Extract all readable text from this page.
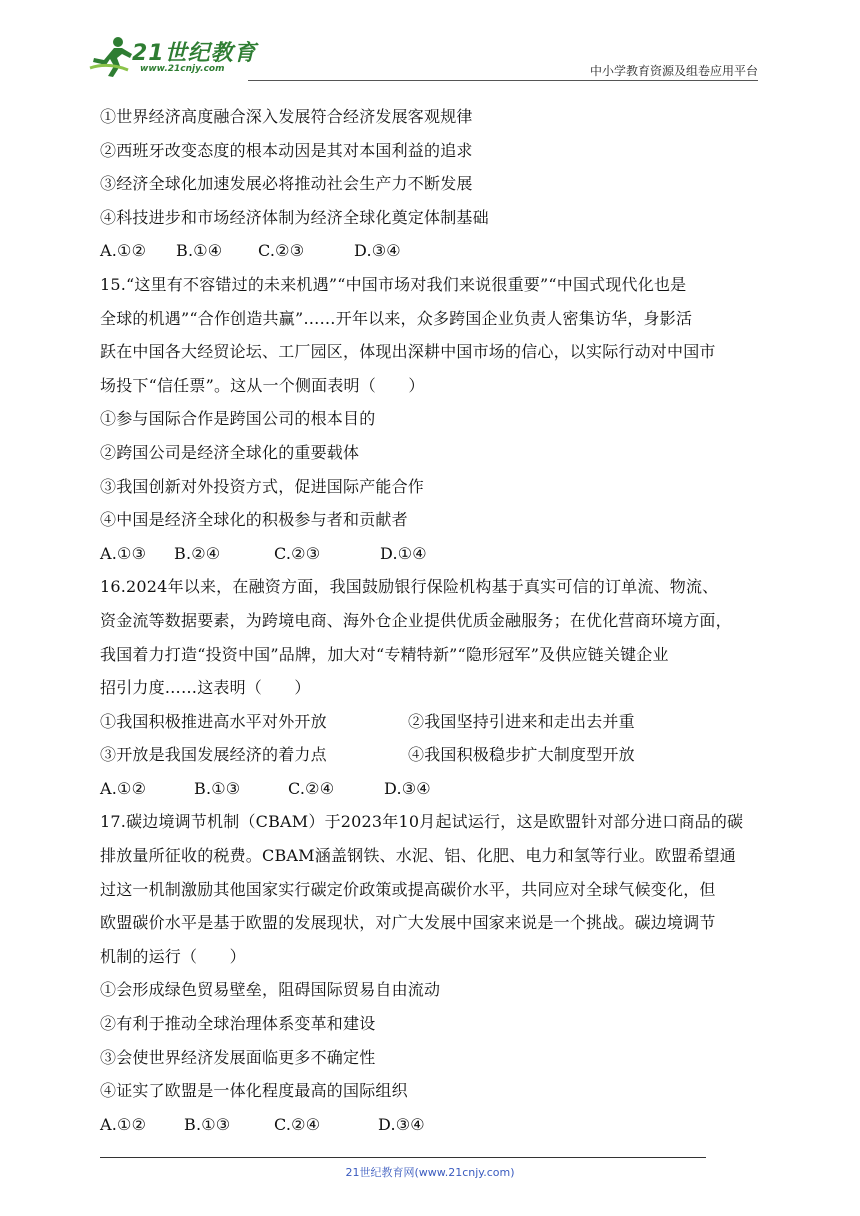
21世纪教育
www.21cnjy.com	中小学教育资源及组卷应用平台
①世界经济高度融合深入发展符合经济发展客观规律
②西班牙改变态度的根本动因是其对本国利益的追求
③经济全球化加速发展必将推动社会生产力不断发展
④科技进步和市场经济体制为经济全球化奠定体制基础
A.①② B.①④ C.②③	D.③④
15.“这里有不容错过的未来机遇”“中国市场对我们来说很重要”“中国式现代化也是
全球的机遇”“合作创造共赢”……开年以来，众多跨国企业负责人密集访华，身影活
跃在中国各大经贸论坛、工厂园区，体现出深耕中国市场的信心，以实际行动对中国市
场投下“信任票”。这从一个侧面表明（　　）
①参与国际合作是跨国公司的根本目的
②跨国公司是经济全球化的重要载体
③我国创新对外投资方式，促进国际产能合作
④中国是经济全球化的积极参与者和贡献者
A.①③ B.②④	C.②③	D.①④
16.2024年以来，在融资方面，我国鼓励银行保险机构基于真实可信的订单流、物流、
资金流等数据要素，为跨境电商、海外仓企业提供优质金融服务；在优化营商环境方面，
我国着力打造“投资中国”品牌，加大对“专精特新”“隐形冠军”及供应链关键企业
招引力度……这表明（　　）
①我国积极推进高水平对外开放	②我国坚持引进来和走出去并重
③开放是我国发展经济的着力点	④我国积极稳步扩大制度型开放
A.①②	B.①③	C.②④	D.③④
17.碳边境调节机制（CBAM）于2023年10月起试运行，这是欧盟针对部分进口商品的碳
排放量所征收的税费。CBAM涵盖钢铁、水泥、铝、化肥、电力和氢等行业。欧盟希望通
过这一机制激励其他国家实行碳定价政策或提高碳价水平，共同应对全球气候变化，但
欧盟碳价水平是基于欧盟的发展现状，对广大发展中国家来说是一个挑战。碳边境调节
机制的运行（　　）
①会形成绿色贸易壁垒，阻碍国际贸易自由流动
②有利于推动全球治理体系变革和建设
③会使世界经济发展面临更多不确定性
④证实了欧盟是一体化程度最高的国际组织
A.①② B.①③	C.②④	D.③④
21世纪教育网(www.21cnjy.com)
